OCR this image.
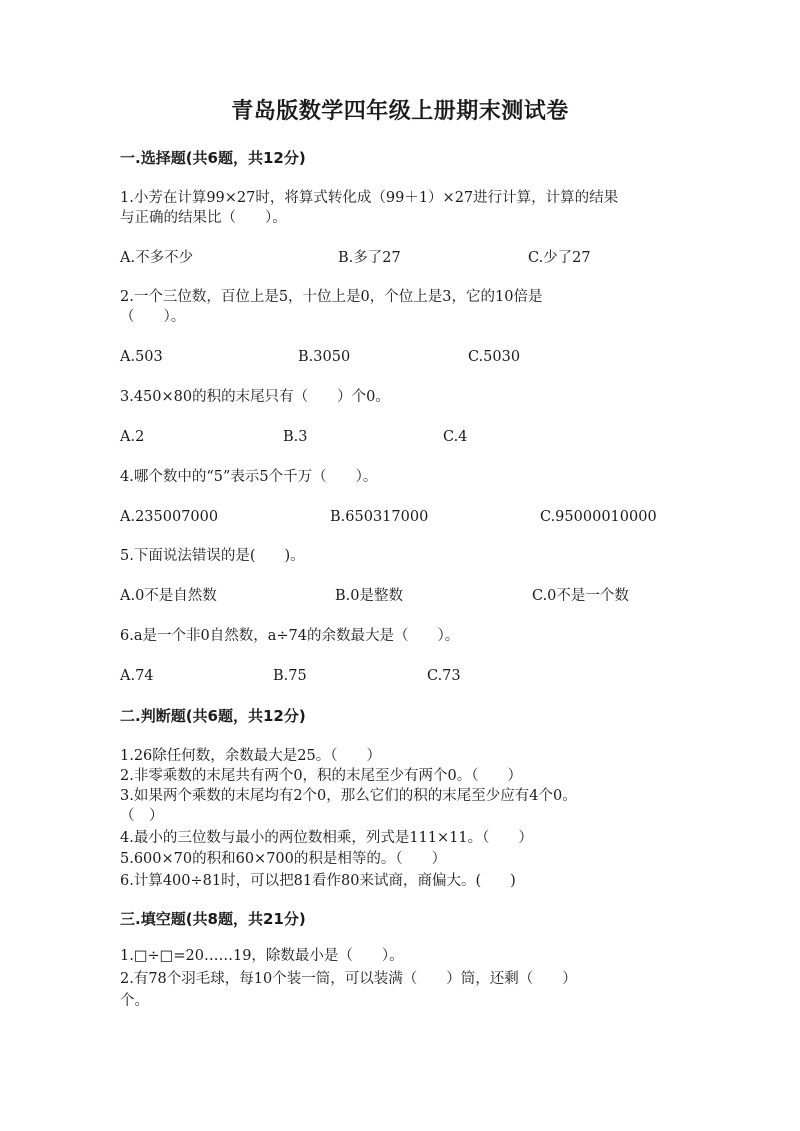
青岛版数学四年级上册期末测试卷
一.选择题(共6题，共12分)
1.小芳在计算99×27时，将算式转化成（99＋1）×27进行计算，计算的结果
与正确的结果比（　　）。
A.不多不少	B.多了27	C.少了27
2.一个三位数，百位上是5，十位上是0，个位上是3，它的10倍是
（　　）。
A.503	B.3050	C.5030
3.450×80的积的末尾只有（　　）个0。
A.2	B.3	C.4
4.哪个数中的“5”表示5个千万（　　）。
A.235007000	B.650317000	C.95000010000
5.下面说法错误的是(　　)。
A.0不是自然数	B.0是整数	C.0不是一个数
6.a是一个非0自然数，a÷74的余数最大是（　　）。
A.74	B.75	C.73
二.判断题(共6题，共12分)
1.26除任何数，余数最大是25。（　　）
2.非零乘数的末尾共有两个0，积的末尾至少有两个0。（　　）
3.如果两个乘数的末尾均有2个0，那么它们的积的末尾至少应有4个0。
（　）
4.最小的三位数与最小的两位数相乘，列式是111×11。（　　）
5.600×70的积和60×700的积是相等的。（　　）
6.计算400÷81时，可以把81看作80来试商，商偏大。(　　)
三.填空题(共8题，共21分)
1.□÷□=20……19，除数最小是（　　）。
2.有78个羽毛球，每10个装一筒，可以装满（　　）筒，还剩（　　）
个。
